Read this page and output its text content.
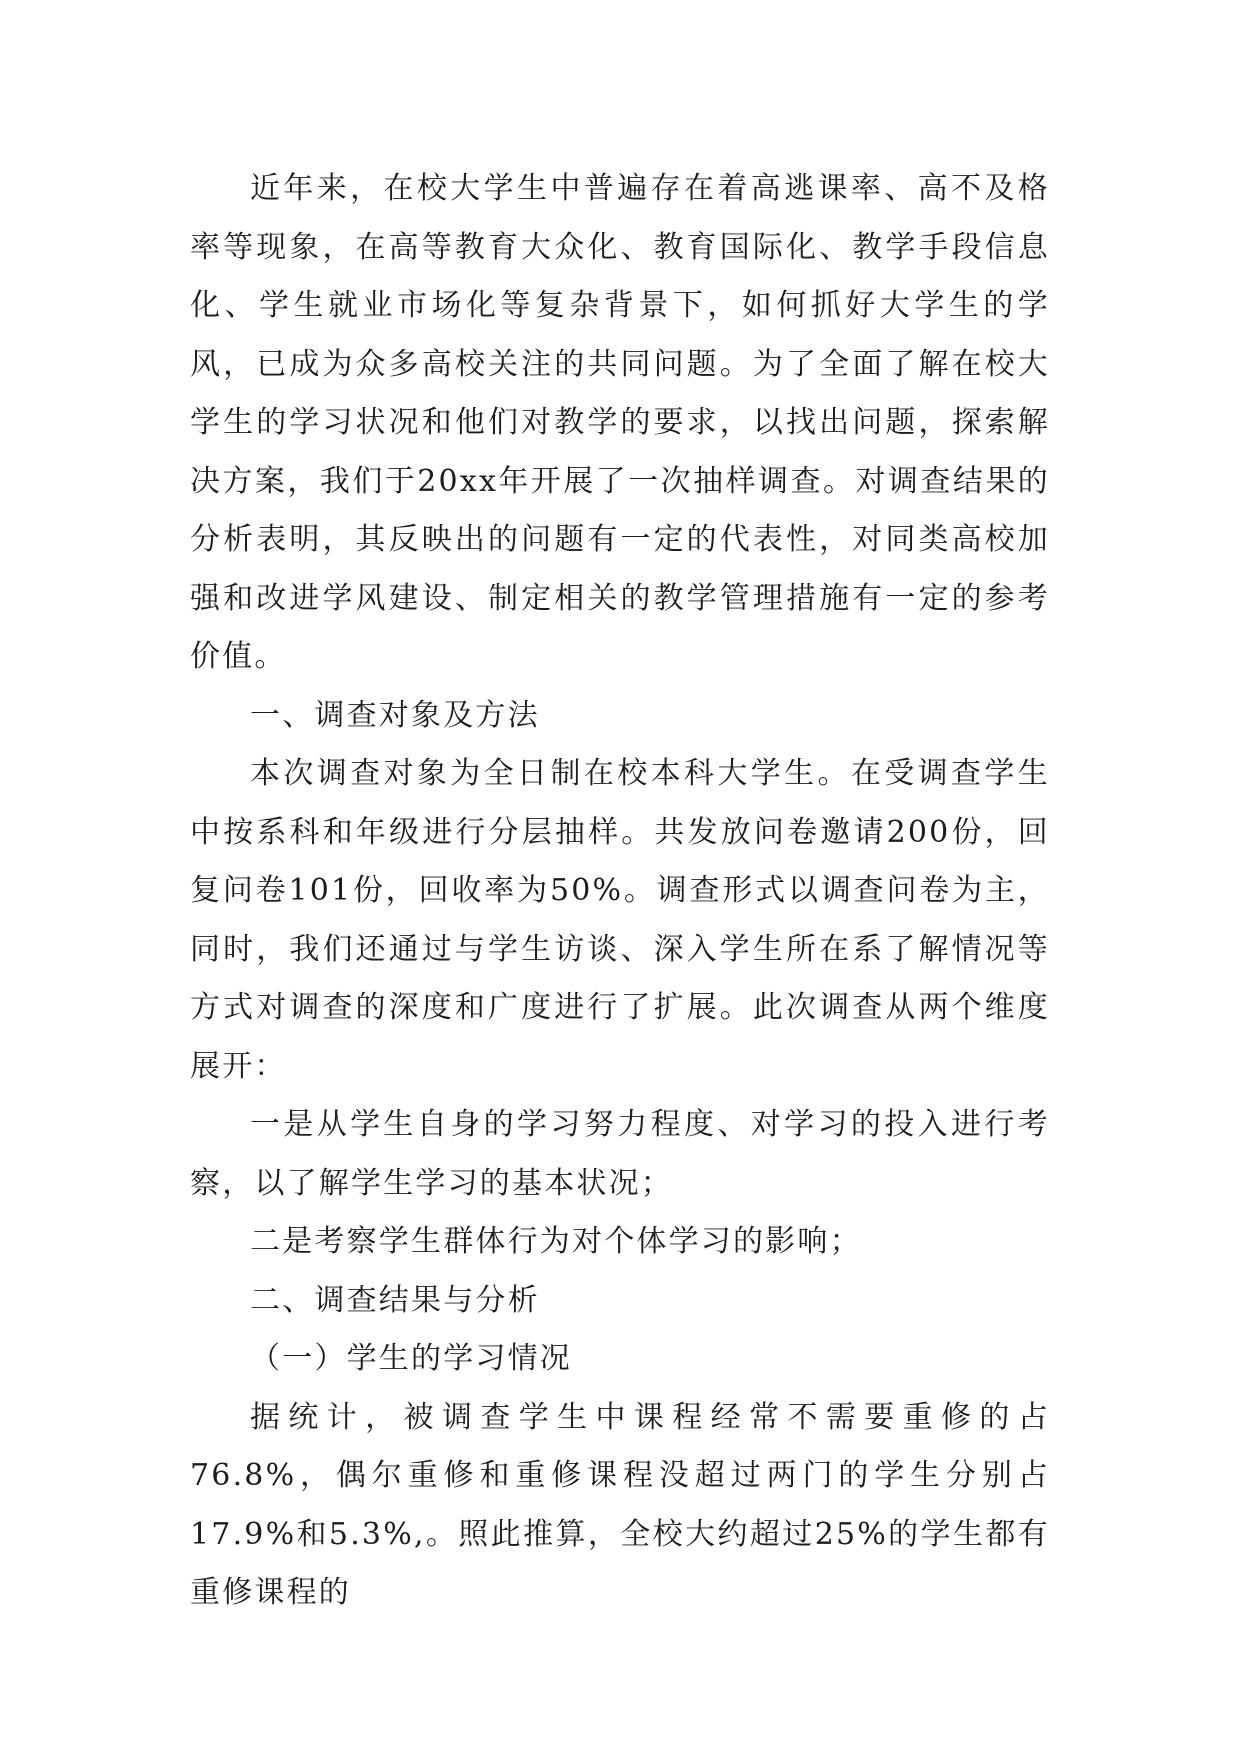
近年来，在校大学生中普遍存在着高逃课率、高不及格率等现象，在高等教育大众化、教育国际化、教学手段信息化、学生就业市场化等复杂背景下，如何抓好大学生的学风，已成为众多高校关注的共同问题。为了全面了解在校大学生的学习状况和他们对教学的要求，以找出问题，探索解决方案，我们于20xx年开展了一次抽样调查。对调查结果的分析表明，其反映出的问题有一定的代表性，对同类高校加强和改进学风建设、制定相关的教学管理措施有一定的参考价值。

一、调查对象及方法

本次调查对象为全日制在校本科大学生。在受调查学生中按系科和年级进行分层抽样。共发放问卷邀请200份，回复问卷101份，回收率为50%。调查形式以调查问卷为主，同时，我们还通过与学生访谈、深入学生所在系了解情况等方式对调查的深度和广度进行了扩展。此次调查从两个维度展开：

一是从学生自身的学习努力程度、对学习的投入进行考察，以了解学生学习的基本状况；

二是考察学生群体行为对个体学习的影响；

二、调查结果与分析

（一）学生的学习情况

据统计，被调查学生中课程经常不需要重修的占76.8%，偶尔重修和重修课程没超过两门的学生分别占17.9%和5.3%,。照此推算，全校大约超过25%的学生都有重修课程的
